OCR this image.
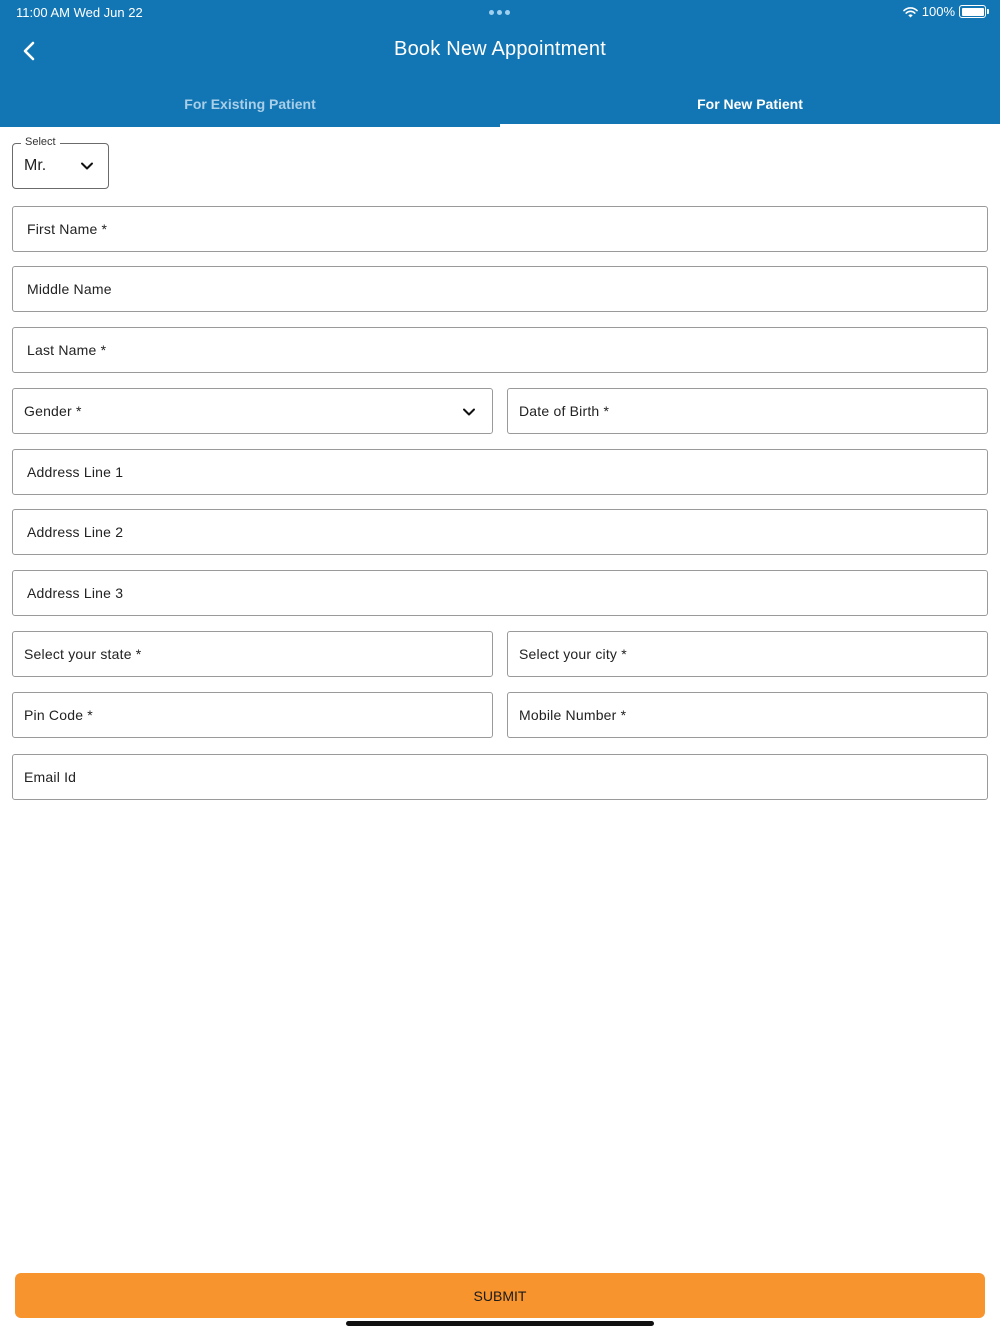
11:00 AM Wed Jun 22	100%
Book New Appointment
For Existing Patient	For New Patient
Select
Mr.
First Name *
Middle Name
Last Name *
Gender *	Date of Birth *
Address Line 1
Address Line 2
Address Line 3
Select your state *	Select your city *
Pin Code *	Mobile Number *
Email Id
SUBMIT
